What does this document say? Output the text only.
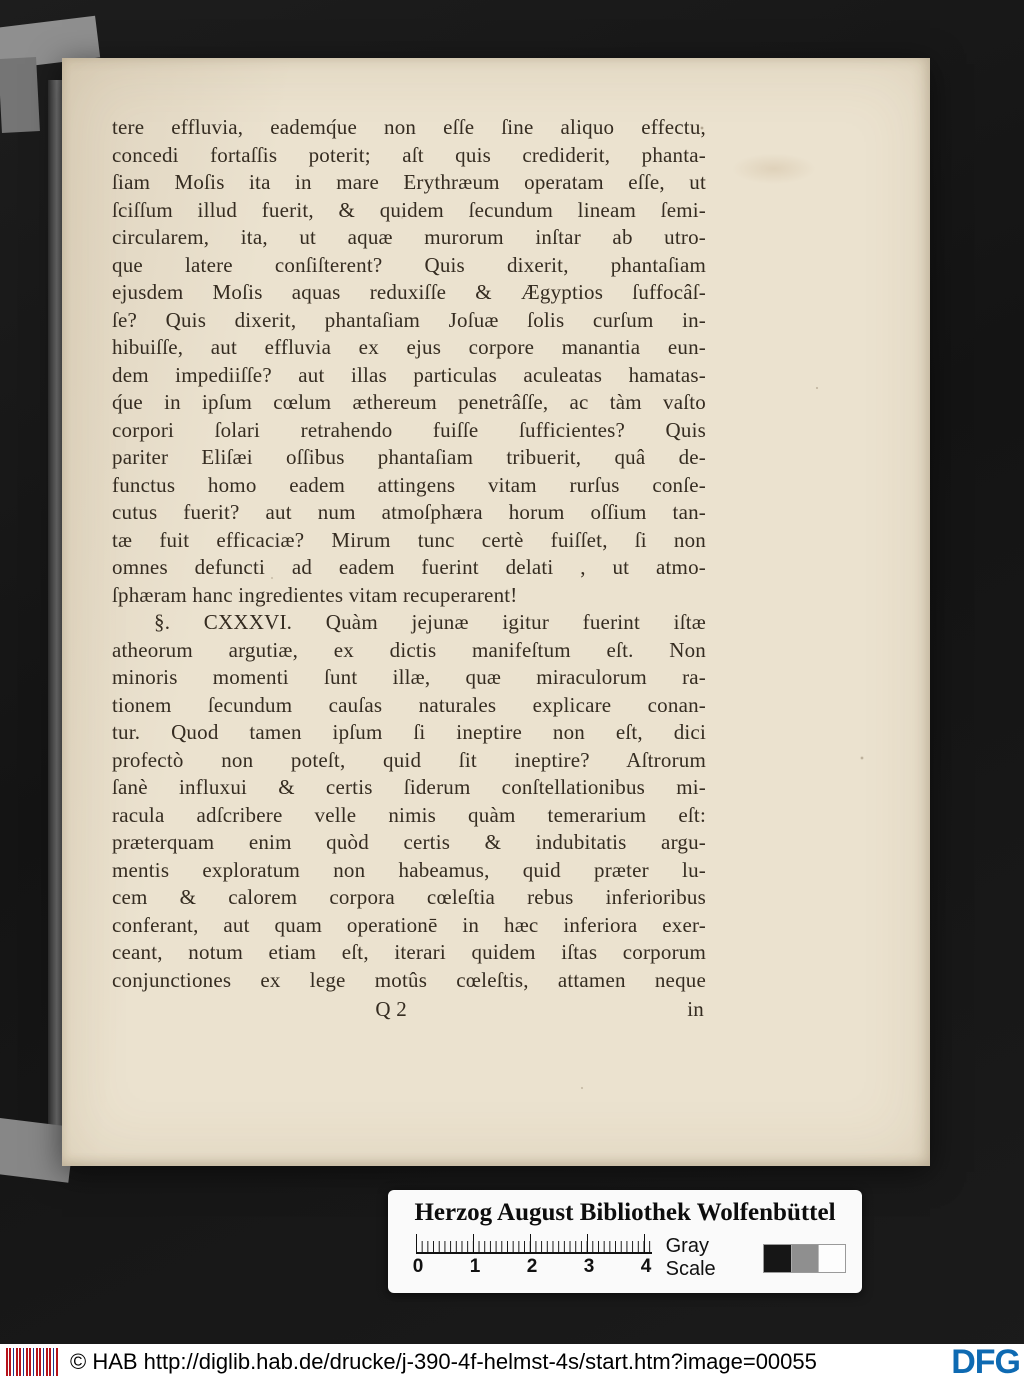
tere effluvia, eademq́ue non eſſe ſine aliquo effectu,
concedi fortaſſis poterit; aſt quis crediderit, phanta-
ſiam Moſis ita in mare Erythræum operatam eſſe, ut
ſciſſum illud fuerit, & quidem ſecundum lineam ſemi-
circularem, ita, ut aquæ murorum inſtar ab utro-
que latere conſiſterent? Quis dixerit, phantaſiam
ejusdem Moſis aquas reduxiſſe & Ægyptios ſuffocâſ-
ſe? Quis dixerit, phantaſiam Joſuæ ſolis curſum in-
hibuiſſe, aut effluvia ex ejus corpore manantia eun-
dem impediiſſe? aut illas particulas aculeatas hamatas-
q́ue in ipſum cœlum æthereum penetrâſſe, ac tàm vaſto
corpori ſolari retrahendo fuiſſe ſufficientes? Quis
pariter Eliſæi oſſibus phantaſiam tribuerit, quâ de-
functus homo eadem attingens vitam rurſus conſe-
cutus fuerit? aut num atmoſphæra horum oſſium tan-
tæ fuit efficaciæ? Mirum tunc certè fuiſſet, ſi non
omnes defuncti ad eadem fuerint delati , ut atmo-
ſphæram hanc ingredientes vitam recuperarent!
§. CXXXVI. Quàm jejunæ igitur fuerint iſtæ
atheorum argutiæ, ex dictis manifeſtum eſt. Non
minoris momenti ſunt illæ, quæ miraculorum ra-
tionem ſecundum cauſas naturales explicare conan-
tur. Quod tamen ipſum ſi ineptire non eſt, dici
profectò non poteſt, quid ſit ineptire? Aſtrorum
ſanè influxui & certis ſiderum conſtellationibus mi-
racula adſcribere velle nimis quàm temerarium eſt:
præterquam enim quòd certis & indubitatis argu-
mentis exploratum non habeamus, quid præter lu-
cem & calorem corpora cœleſtia rebus inferioribus
conferant, aut quam operationē in hæc inferiora exer-
ceant, notum etiam eſt, iterari quidem iſtas corporum
conjunctiones ex lege motûs cœleſtis, attamen neque
Q 2	in
Herzog August Bibliothek Wolfenbüttel
0 1 2 3 4
Gray Scale
© HAB http://diglib.hab.de/drucke/j-390-4f-helmst-4s/start.htm?image=00055	DFG
